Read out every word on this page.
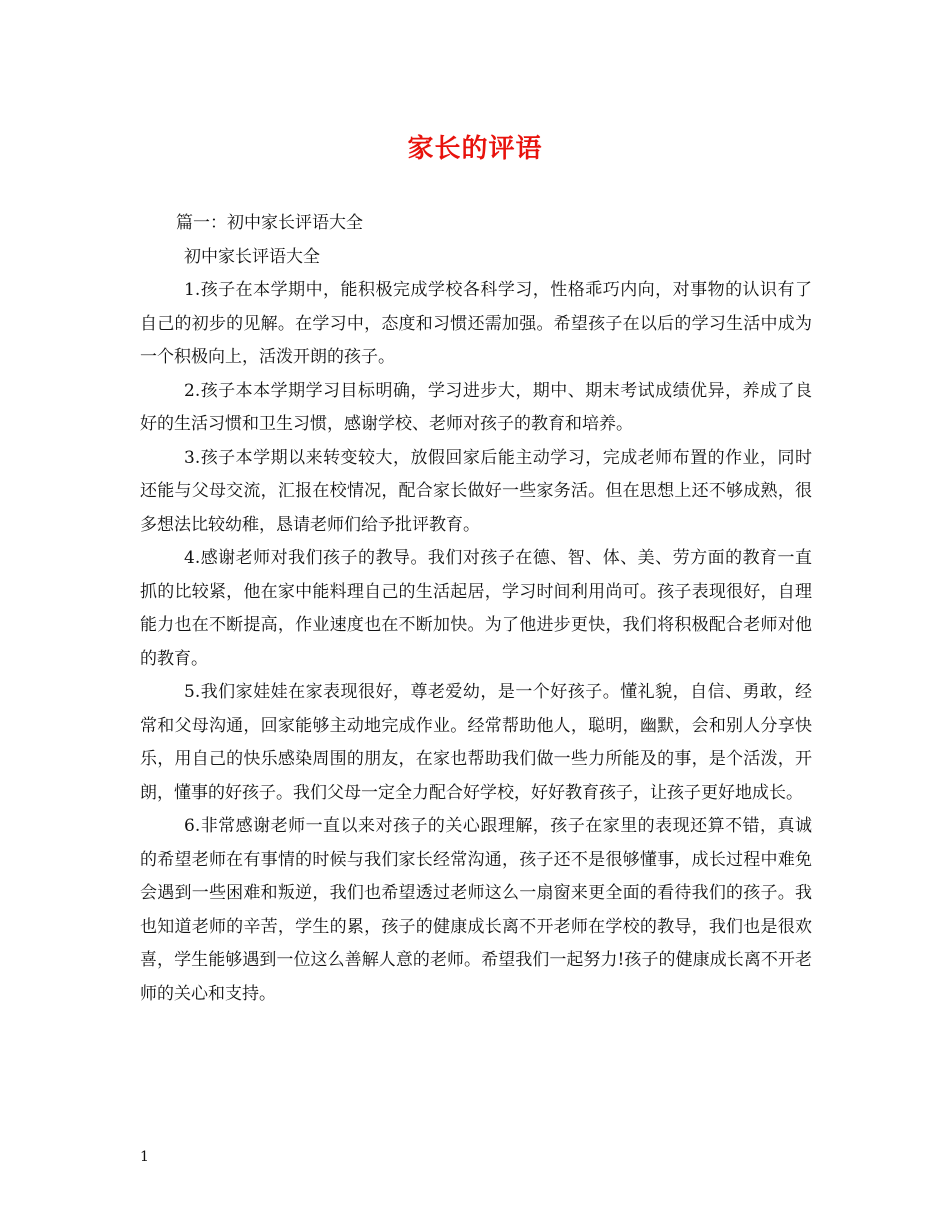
家长的评语

篇一：初中家长评语大全

初中家长评语大全

1.孩子在本学期中，能积极完成学校各科学习，性格乖巧内向，对事物的认识有了自己的初步的见解。在学习中，态度和习惯还需加强。希望孩子在以后的学习生活中成为一个积极向上，活泼开朗的孩子。

2.孩子本本学期学习目标明确，学习进步大，期中、期末考试成绩优异，养成了良好的生活习惯和卫生习惯，感谢学校、老师对孩子的教育和培养。

3.孩子本学期以来转变较大，放假回家后能主动学习，完成老师布置的作业，同时还能与父母交流，汇报在校情况，配合家长做好一些家务活。但在思想上还不够成熟，很多想法比较幼稚，恳请老师们给予批评教育。

4.感谢老师对我们孩子的教导。我们对孩子在德、智、体、美、劳方面的教育一直抓的比较紧，他在家中能料理自己的生活起居，学习时间利用尚可。孩子表现很好，自理能力也在不断提高，作业速度也在不断加快。为了他进步更快，我们将积极配合老师对他的教育。

5.我们家娃娃在家表现很好，尊老爱幼，是一个好孩子。懂礼貌，自信、勇敢，经常和父母沟通，回家能够主动地完成作业。经常帮助他人，聪明，幽默，会和别人分享快乐，用自己的快乐感染周围的朋友，在家也帮助我们做一些力所能及的事，是个活泼，开朗，懂事的好孩子。我们父母一定全力配合好学校，好好教育孩子，让孩子更好地成长。

6.非常感谢老师一直以来对孩子的关心跟理解，孩子在家里的表现还算不错，真诚的希望老师在有事情的时候与我们家长经常沟通，孩子还不是很够懂事，成长过程中难免会遇到一些困难和叛逆，我们也希望透过老师这么一扇窗来更全面的看待我们的孩子。我也知道老师的辛苦，学生的累，孩子的健康成长离不开老师在学校的教导，我们也是很欢喜，学生能够遇到一位这么善解人意的老师。希望我们一起努力!孩子的健康成长离不开老师的关心和支持。

1
